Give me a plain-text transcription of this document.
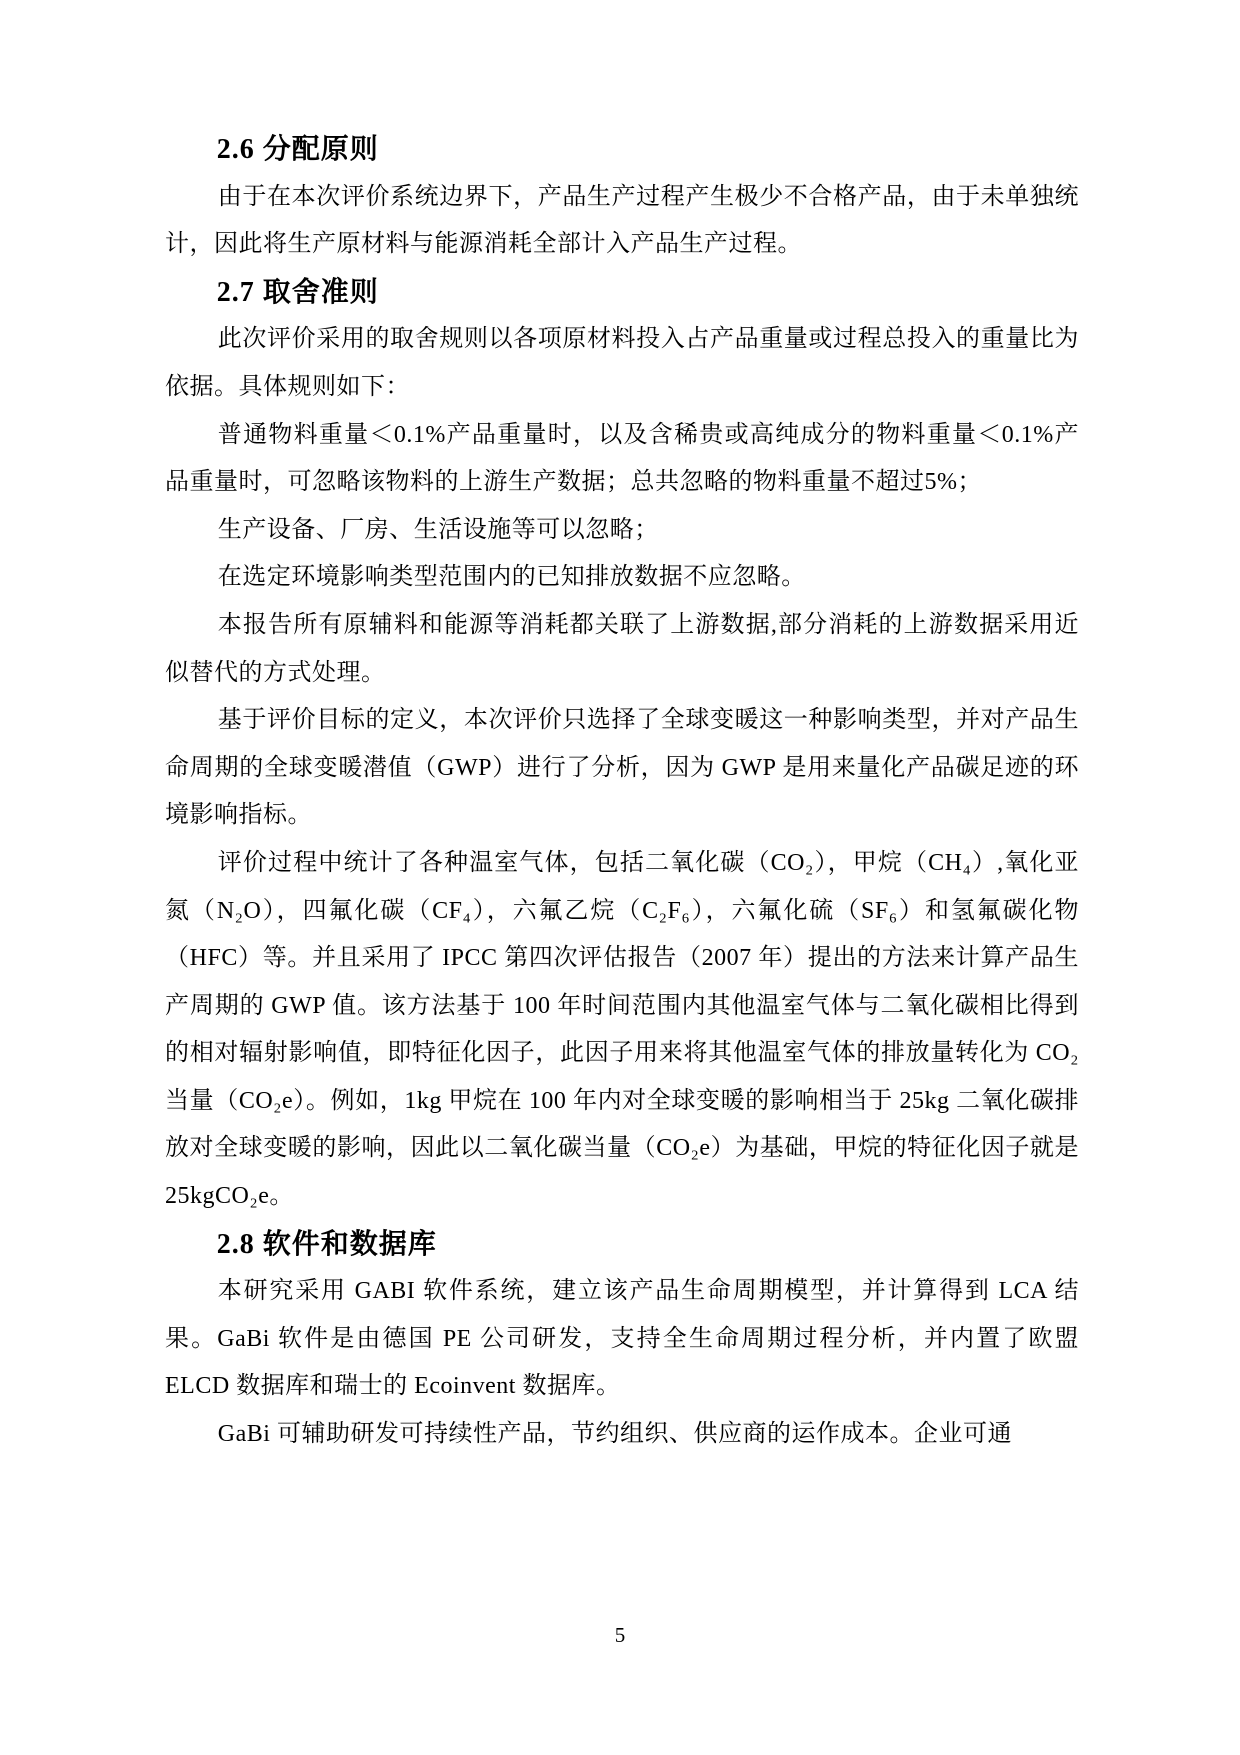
2.6 分配原则

由于在本次评价系统边界下，产品生产过程产生极少不合格产品，由于未单独统计，因此将生产原材料与能源消耗全部计入产品生产过程。

2.7 取舍准则

此次评价采用的取舍规则以各项原材料投入占产品重量或过程总投入的重量比为依据。具体规则如下：

普通物料重量＜0.1%产品重量时，以及含稀贵或高纯成分的物料重量＜0.1%产品重量时，可忽略该物料的上游生产数据；总共忽略的物料重量不超过5%；

生产设备、厂房、生活设施等可以忽略；

在选定环境影响类型范围内的已知排放数据不应忽略。

本报告所有原辅料和能源等消耗都关联了上游数据,部分消耗的上游数据采用近似替代的方式处理。

基于评价目标的定义，本次评价只选择了全球变暖这一种影响类型，并对产品生命周期的全球变暖潜值（GWP）进行了分析，因为 GWP 是用来量化产品碳足迹的环境影响指标。

评价过程中统计了各种温室气体，包括二氧化碳（CO₂），甲烷（CH₄）,氧化亚氮（N₂O），四氟化碳（CF₄），六氟乙烷（C₂F₆），六氟化硫（SF₆）和氢氟碳化物（HFC）等。并且采用了 IPCC 第四次评估报告（2007 年）提出的方法来计算产品生产周期的 GWP 值。该方法基于 100 年时间范围内其他温室气体与二氧化碳相比得到的相对辐射影响值，即特征化因子，此因子用来将其他温室气体的排放量转化为 CO₂ 当量（CO₂e）。例如，1kg 甲烷在 100 年内对全球变暖的影响相当于 25kg 二氧化碳排放对全球变暖的影响，因此以二氧化碳当量（CO₂e）为基础，甲烷的特征化因子就是 25kgCO₂e。

2.8 软件和数据库

本研究采用 GABI 软件系统，建立该产品生命周期模型，并计算得到 LCA 结果。GaBi 软件是由德国 PE 公司研发，支持全生命周期过程分析，并内置了欧盟 ELCD 数据库和瑞士的 Ecoinvent 数据库。

GaBi 可辅助研发可持续性产品，节约组织、供应商的运作成本。企业可通

5
